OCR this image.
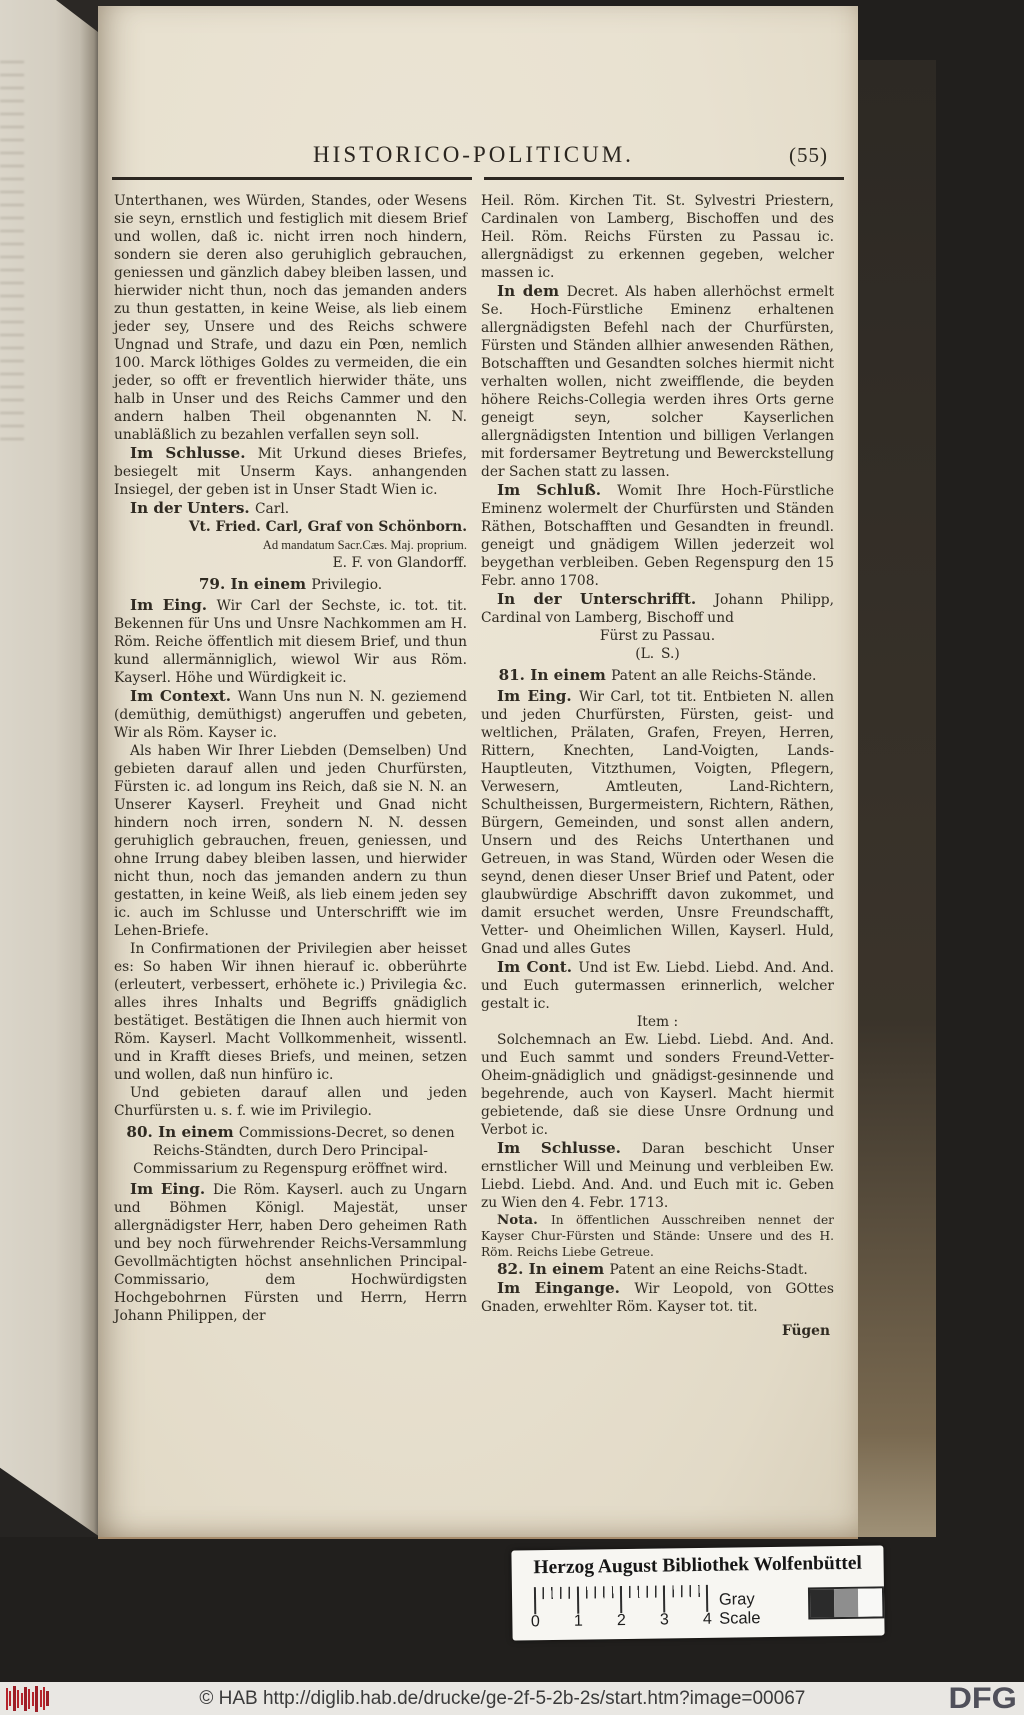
HISTORICO-POLITICUM.	(55)

Unterthanen, wes Würden, Standes, oder Wesens sie seyn, ernstlich und festiglich mit diesem Brief und wollen, daß ic. nicht irren noch hindern, sondern sie deren also geruhiglich gebrauchen, geniessen und gänzlich dabey bleiben lassen, und hierwider nicht thun, noch das jemanden anders zu thun gestatten, in keine Weise, als lieb einem jeder sey, Unsere und des Reichs schwere Ungnad und Strafe, und dazu ein Pœn, nemlich 100. Marck löthiges Goldes zu vermeiden, die ein jeder, so offt er freventlich hierwider thäte, uns halb in Unser und des Reichs Cammer und den andern halben Theil obgenannten N. N. unabläßlich zu bezahlen verfallen seyn soll.

Im Schlusse. Mit Urkund dieses Briefes, besiegelt mit Unserm Kays. anhangenden Insiegel, der geben ist in Unser Stadt Wien ic.

In der Unters. Carl.

Vt. Fried. Carl, Graf von Schönborn.

Ad mandatum Sacr.Cæs. Maj. proprium.

E. F. von Glandorff.

79. In einem Privilegio.

Im Eing. Wir Carl der Sechste, ic. tot. tit. Bekennen für Uns und Unsre Nachkommen am H. Röm. Reiche öffentlich mit diesem Brief, und thun kund allermänniglich, wiewol Wir aus Röm. Kayserl. Höhe und Würdigkeit ic.

Im Context. Wann Uns nun N. N. geziemend (demüthig, demüthigst) angeruffen und gebeten, Wir als Röm. Kayser ic.

Als haben Wir Ihrer Liebden (Demselben) Und gebieten darauf allen und jeden Churfürsten, Fürsten ic. ad longum ins Reich, daß sie N. N. an Unserer Kayserl. Freyheit und Gnad nicht hindern noch irren, sondern N. N. dessen geruhiglich gebrauchen, freuen, geniessen, und ohne Irrung dabey bleiben lassen, und hierwider nicht thun, noch das jemanden andern zu thun gestatten, in keine Weiß, als lieb einem jeden sey ic. auch im Schlusse und Unterschrifft wie im Lehen-Briefe.

In Confirmationen der Privilegien aber heisset es: So haben Wir ihnen hierauf ic. obberührte (erleutert, verbessert, erhöhete ic.) Privilegia &c. alles ihres Inhalts und Begriffs gnädiglich bestätiget. Bestätigen die Ihnen auch hiermit von Röm. Kayserl. Macht Vollkommenheit, wissentl. und in Krafft dieses Briefs, und meinen, setzen und wollen, daß nun hinfüro ic.

Und gebieten darauf allen und jeden Churfürsten u. s. f. wie im Privilegio.

80. In einem Commissions-Decret, so denen Reichs-Ständten, durch Dero Principal-Commissarium zu Regenspurg eröffnet wird.

Im Eing. Die Röm. Kayserl. auch zu Ungarn und Böhmen Königl. Majestät, unser allergnädigster Herr, haben Dero geheimen Rath und bey noch fürwehrender Reichs-Versammlung Gevollmächtigten höchst ansehnlichen Principal-Commissario, dem Hochwürdigsten Hochgebohrnen Fürsten und Herrn, Herrn Johann Philippen, der

Heil. Röm. Kirchen Tit. St. Sylvestri Priestern, Cardinalen von Lamberg, Bischoffen und des Heil. Röm. Reichs Fürsten zu Passau ic. allergnädigst zu erkennen gegeben, welcher massen ic.

In dem Decret. Als haben allerhöchst ermelt Se. Hoch-Fürstliche Eminenz erhaltenen allergnädigsten Befehl nach der Churfürsten, Fürsten und Ständen allhier anwesenden Räthen, Botschafften und Gesandten solches hiermit nicht verhalten wollen, nicht zweifflende, die beyden höhere Reichs-Collegia werden ihres Orts gerne geneigt seyn, solcher Kayserlichen allergnädigsten Intention und billigen Verlangen mit fordersamer Beytretung und Bewerckstellung der Sachen statt zu lassen.

Im Schluß. Womit Ihre Hoch-Fürstliche Eminenz wolermelt der Churfürsten und Ständen Räthen, Botschafften und Gesandten in freundl. geneigt und gnädigem Willen jederzeit wol beygethan verbleiben. Geben Regenspurg den 15 Febr. anno 1708.

In der Unterschrifft. Johann Philipp, Cardinal von Lamberg, Bischoff und

Fürst zu Passau.

(L. S.)

81. In einem Patent an alle Reichs-Stände.

Im Eing. Wir Carl, tot tit. Entbieten N. allen und jeden Churfürsten, Fürsten, geist- und weltlichen, Prälaten, Grafen, Freyen, Herren, Rittern, Knechten, Land-Voigten, Lands-Hauptleuten, Vitzthumen, Voigten, Pflegern, Verwesern, Amtleuten, Land-Richtern, Schultheissen, Burgermeistern, Richtern, Räthen, Bürgern, Gemeinden, und sonst allen andern, Unsern und des Reichs Unterthanen und Getreuen, in was Stand, Würden oder Wesen die seynd, denen dieser Unser Brief und Patent, oder glaubwürdige Abschrifft davon zukommet, und damit ersuchet werden, Unsre Freundschafft, Vetter- und Oheimlichen Willen, Kayserl. Huld, Gnad und alles Gutes

Im Cont. Und ist Ew. Liebd. Liebd. And. And. und Euch gutermassen erinnerlich, welcher gestalt ic.

Item :

Solchemnach an Ew. Liebd. Liebd. And. And. und Euch sammt und sonders Freund-Vetter-Oheim-gnädiglich und gnädigst-gesinnende und begehrende, auch von Kayserl. Macht hiermit gebietende, daß sie diese Unsre Ordnung und Verbot ic.

Im Schlusse. Daran beschicht Unser ernstlicher Will und Meinung und verbleiben Ew. Liebd. Liebd. And. And. und Euch mit ic. Geben zu Wien den 4. Febr. 1713.

Nota. In öffentlichen Ausschreiben nennet der Kayser Chur-Fürsten und Stände: Unsere und des H. Röm. Reichs Liebe Getreue.

82. In einem Patent an eine Reichs-Stadt.

Im Eingange. Wir Leopold, von GOttes Gnaden, erwehlter Röm. Kayser tot. tit.

Fügen

Herzog August Bibliothek Wolfenbüttel
0 1 2 3 4
Gray Scale
© HAB http://diglib.hab.de/drucke/ge-2f-5-2b-2s/start.htm?image=00067	DFG
